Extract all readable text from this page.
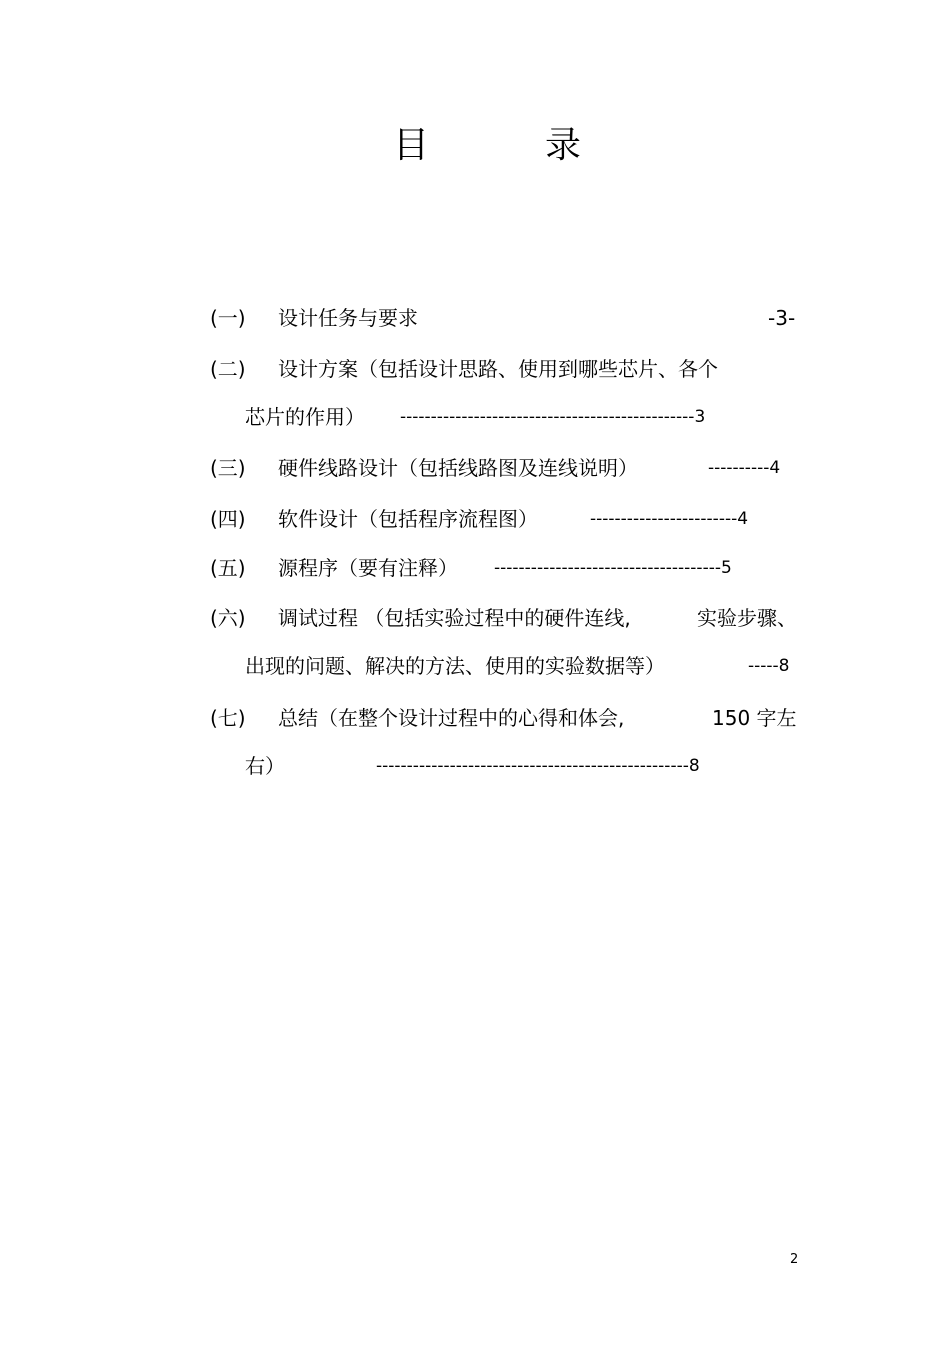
目	录
(一) 设计任务与要求	-3-
(二) 设计方案（包括设计思路、使用到哪些芯片、各个
芯片的作用） ------------------------------------------------3
(三) 硬件线路设计（包括线路图及连线说明）	----------4
(四) 软件设计（包括程序流程图）	------------------------4
(五) 源程序（要有注释） -------------------------------------5
(六) 调试过程 （包括实验过程中的硬件连线,	实验步骤、
出现的问题、解决的方法、使用的实验数据等）	-----8
(七) 总结（在整个设计过程中的心得和体会,	150 字左
右）	---------------------------------------------------8
2
